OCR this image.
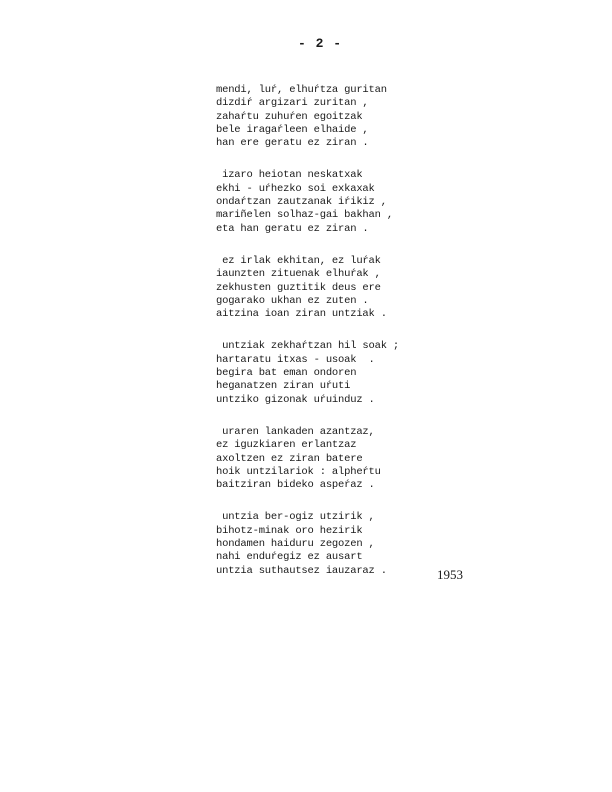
- 2 -
mendi, luŕ, elhuŕtza guritan
dizdiŕ argizari zuritan ,
zahaŕtu zuhuŕen egoitzak
bele iragaŕleen elhaide ,
han ere geratu ez ziran .
izaro heiotan neskatxak
ekhi - uŕhezko soi exkaxak
ondaŕtzan zautzanak iŕikiz ,
mariñelen solhaz-gai bakhan ,
eta han geratu ez ziran .
ez irlak ekhitan, ez luŕak
iaunzten zituenak elhuŕak ,
zekhusten guztitik deus ere
gogarako ukhan ez zuten .
aitzina ioan ziran untziak .
untziak zekhaŕtzan hil soak ;
hartaratu itxas - usoak  .
begira bat eman ondoren
heganatzen ziran uŕuti
untziko gizonak uŕuinduz .
uraren lankaden azantzaz,
ez iguzkiaren erlantzaz
axoltzen ez ziran batere
hoik untzilariok : alpheŕtu
baitziran bideko aspeŕaz .
untzia ber-ogiz utzirik ,
bihotz-minak oro hezirik
hondamen haiduru zegozen ,
nahi enduŕegiz ez ausart
untzia suthautsez iauzaraz .	1953
